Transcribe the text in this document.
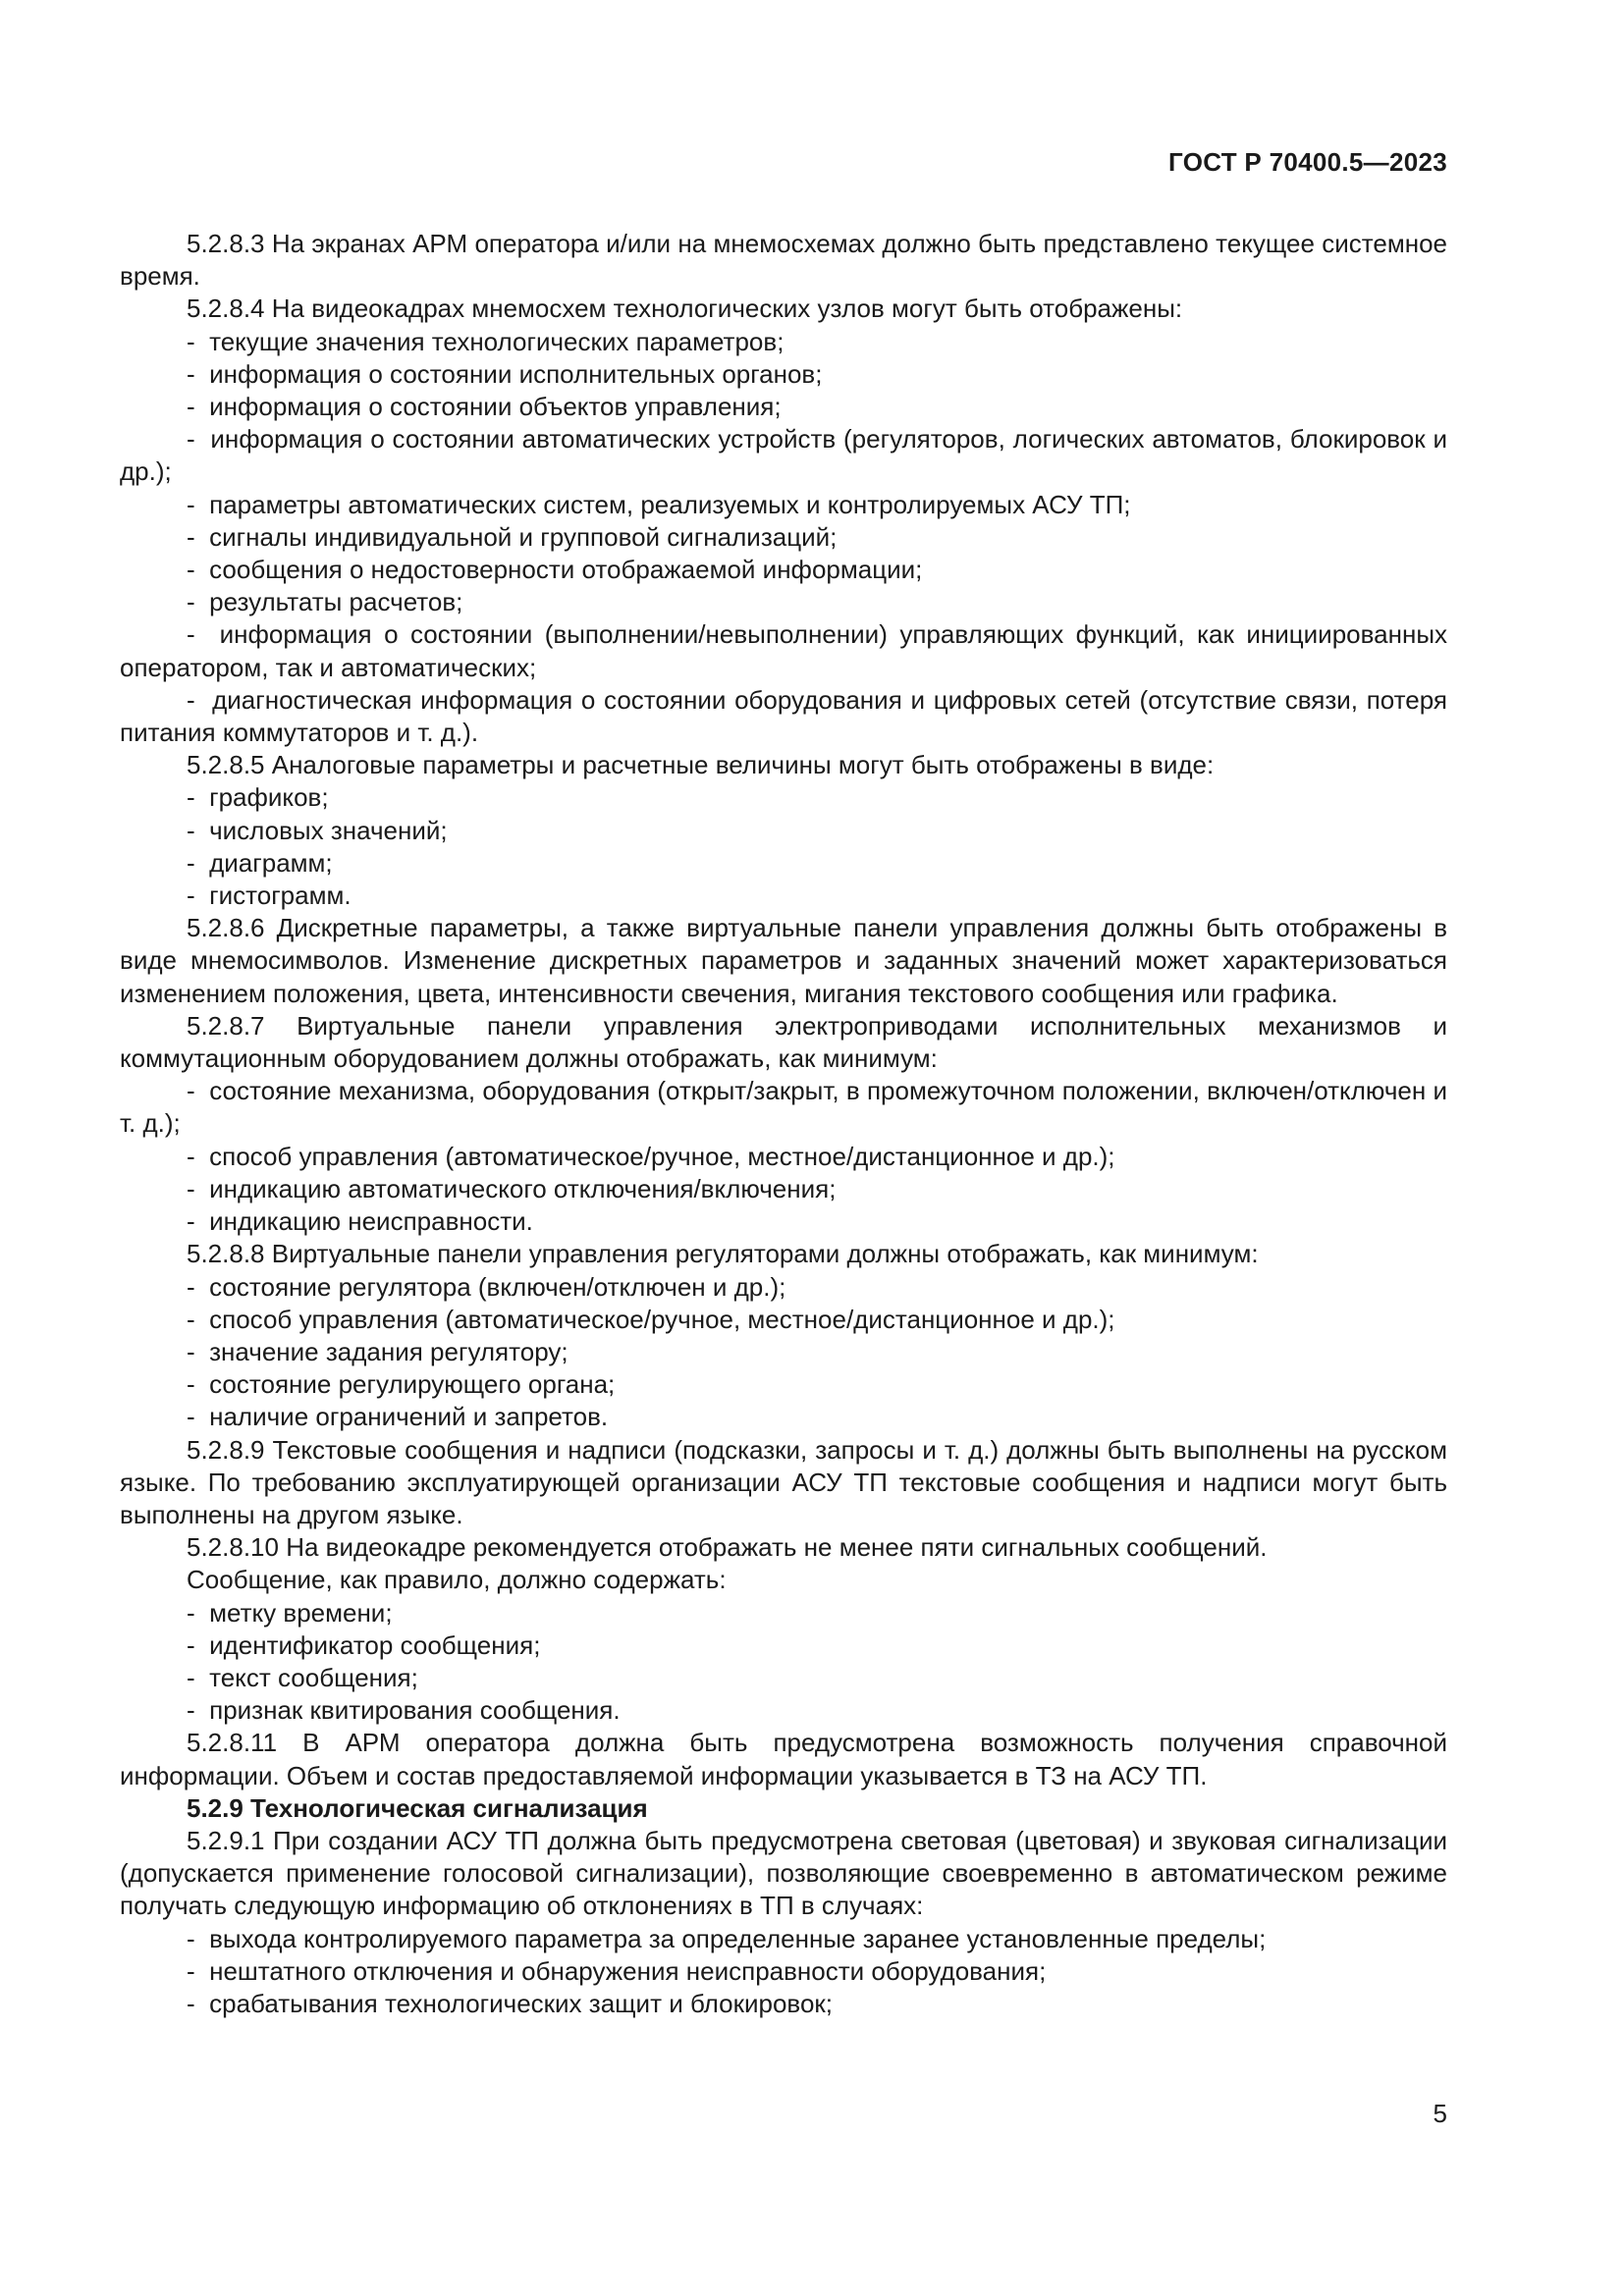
ГОСТ Р 70400.5—2023

5.2.8.3 На экранах АРМ оператора и/или на мнемосхемах должно быть представлено текущее системное время.

5.2.8.4 На видеокадрах мнемосхем технологических узлов могут быть отображены:

-  текущие значения технологических параметров;

-  информация о состоянии исполнительных органов;

-  информация о состоянии объектов управления;

-  информация о состоянии автоматических устройств (регуляторов, логических автоматов, блокировок и др.);

-  параметры автоматических систем, реализуемых и контролируемых АСУ ТП;

-  сигналы индивидуальной и групповой сигнализаций;

-  сообщения о недостоверности отображаемой информации;

-  результаты расчетов;

-  информация о состоянии (выполнении/невыполнении) управляющих функций, как инициированных оператором, так и автоматических;

-  диагностическая информация о состоянии оборудования и цифровых сетей (отсутствие связи, потеря питания коммутаторов и т. д.).

5.2.8.5 Аналоговые параметры и расчетные величины могут быть отображены в виде:

-  графиков;

-  числовых значений;

-  диаграмм;

-  гистограмм.

5.2.8.6 Дискретные параметры, а также виртуальные панели управления должны быть отображены в виде мнемосимволов. Изменение дискретных параметров и заданных значений может характеризоваться изменением положения, цвета, интенсивности свечения, мигания текстового сообщения или графика.

5.2.8.7 Виртуальные панели управления электроприводами исполнительных механизмов и коммутационным оборудованием должны отображать, как минимум:

-  состояние механизма, оборудования (открыт/закрыт, в промежуточном положении, включен/отключен и т. д.);

-  способ управления (автоматическое/ручное, местное/дистанционное и др.);

-  индикацию автоматического отключения/включения;

-  индикацию неисправности.

5.2.8.8 Виртуальные панели управления регуляторами должны отображать, как минимум:

-  состояние регулятора (включен/отключен и др.);

-  способ управления (автоматическое/ручное, местное/дистанционное и др.);

-  значение задания регулятору;

-  состояние регулирующего органа;

-  наличие ограничений и запретов.

5.2.8.9 Текстовые сообщения и надписи (подсказки, запросы и т. д.) должны быть выполнены на русском языке. По требованию эксплуатирующей организации АСУ ТП текстовые сообщения и надписи могут быть выполнены на другом языке.

5.2.8.10 На видеокадре рекомендуется отображать не менее пяти сигнальных сообщений.

Сообщение, как правило, должно содержать:

-  метку времени;

-  идентификатор сообщения;

-  текст сообщения;

-  признак квитирования сообщения.

5.2.8.11 В АРМ оператора должна быть предусмотрена возможность получения справочной информации. Объем и состав предоставляемой информации указывается в ТЗ на АСУ ТП.

5.2.9 Технологическая сигнализация

5.2.9.1 При создании АСУ ТП должна быть предусмотрена световая (цветовая) и звуковая сигнализации (допускается применение голосовой сигнализации), позволяющие своевременно в автоматическом режиме получать следующую информацию об отклонениях в ТП в случаях:

-  выхода контролируемого параметра за определенные заранее установленные пределы;

-  нештатного отключения и обнаружения неисправности оборудования;

-  срабатывания технологических защит и блокировок;

5
